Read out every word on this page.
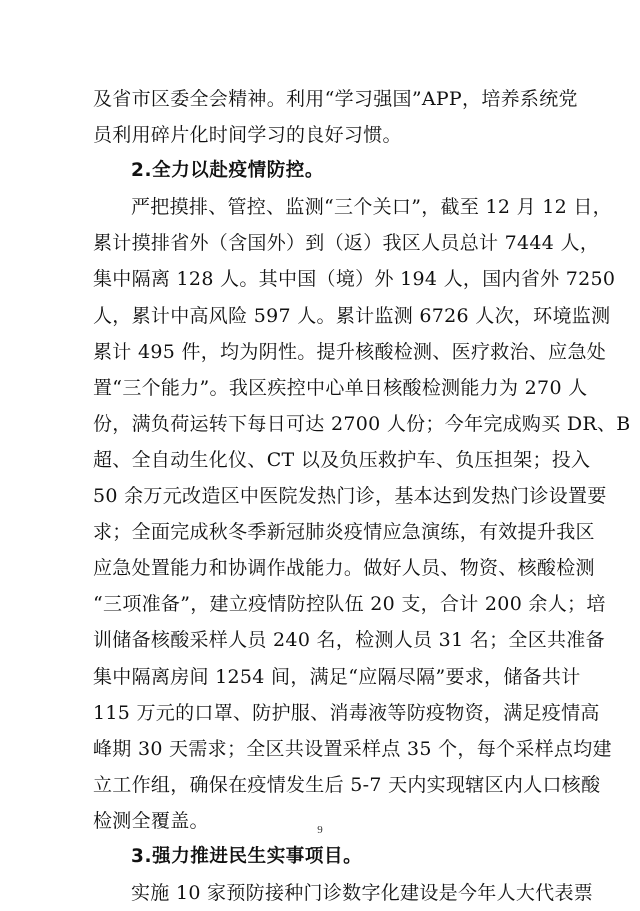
及省市区委全会精神。利用“学习强国”APP，培养系统党
员利用碎片化时间学习的良好习惯。
2.全力以赴疫情防控。
严把摸排、管控、监测“三个关口”，截至 12 月 12 日，
累计摸排省外（含国外）到（返）我区人员总计 7444 人，
集中隔离 128 人。其中国（境）外 194 人，国内省外 7250
人，累计中高风险 597 人。累计监测 6726 人次，环境监测
累计 495 件，均为阴性。提升核酸检测、医疗救治、应急处
置“三个能力”。我区疾控中心单日核酸检测能力为 270 人
份，满负荷运转下每日可达 2700 人份；今年完成购买 DR、B
超、全自动生化仪、CT 以及负压救护车、负压担架；投入
50 余万元改造区中医院发热门诊，基本达到发热门诊设置要
求；全面完成秋冬季新冠肺炎疫情应急演练，有效提升我区
应急处置能力和协调作战能力。做好人员、物资、核酸检测
“三项准备”，建立疫情防控队伍 20 支，合计 200 余人；培
训储备核酸采样人员 240 名，检测人员 31 名；全区共准备
集中隔离房间 1254 间，满足“应隔尽隔”要求，储备共计
115 万元的口罩、防护服、消毒液等防疫物资，满足疫情高
峰期 30 天需求；全区共设置采样点 35 个，每个采样点均建
立工作组，确保在疫情发生后 5-7 天内实现辖区内人口核酸
检测全覆盖。
3.强力推进民生实事项目。
实施 10 家预防接种门诊数字化建设是今年人大代表票
9
